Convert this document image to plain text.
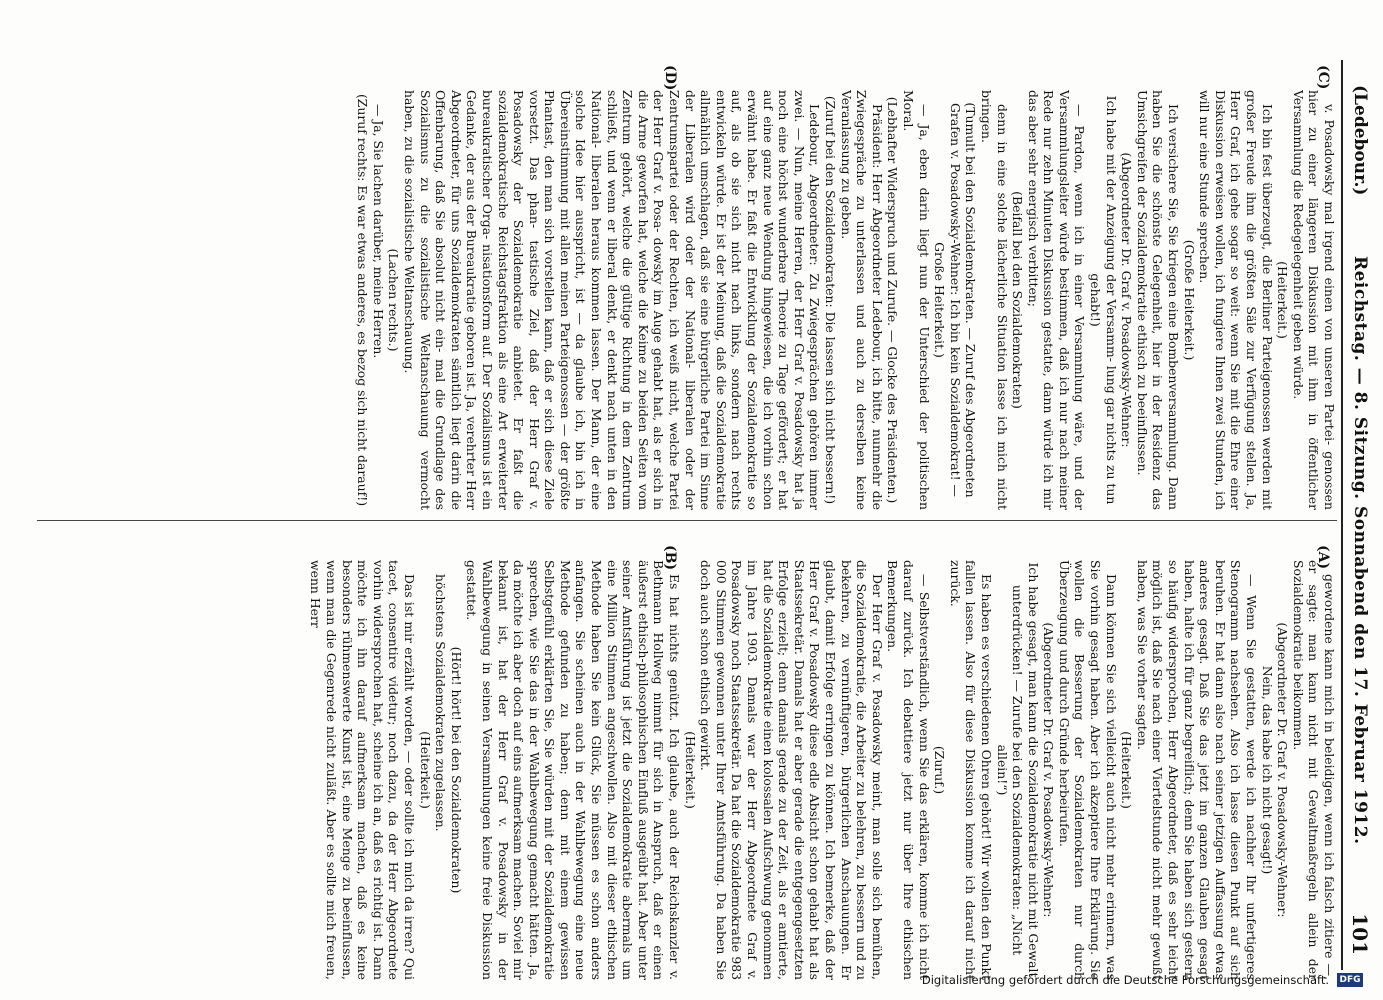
(Ledebour.)
Reichstag. — 8. Sitzung. Sonnabend den 17. Februar 1912.
101
(A)
(B)
(C)
(D)

gewordene kann mich in beleidigen, wenn ich falsch zitiere —, er sagte: man kann nicht mit Gewaltmaßregeln allein der Sozialdemokratie beikommen.

(Abgeordneter Dr. Graf v. Posadowsky-Wehner:

Nein, das habe ich nicht gesagt!)

— Wenn Sie gestatten, werde ich nachher Ihr unfertigeres Stenogramm nachsehen. Also ich lasse diesen Punkt auf sich beruhen. Er hat dann also nach seiner jetzigen Auffassung etwas anderes gesagt. Daß Sie das jetzt im ganzen Glauben gesagt haben, halte ich für ganz begreiflich; denn Sie haben sich gestern so häufig widersprochen, Herr Abgeordneter, daß es sehr leicht möglich ist, daß Sie nach einer Viertelstunde nicht mehr gewußt haben, was Sie vorher sagten.

(Heiterkeit.)

Dann können Sie sich vielleicht auch nicht mehr erinnern, was Sie vorhin gesagt haben. Aber ich akzeptiere Ihre Erklärung. Sie wollen die Besserung der Sozialdemokraten nur durch Überzeugung und durch Gründe herbeirufen.

(Abgeordneter Dr. Graf v. Posadowsky-Wehner:

Ich habe gesagt, man kann die Sozialdemokratie nicht mit Gewalt unterdrücken! — Zurufe bei den Sozialdemokraten: „Nicht allein!“)

Es haben es verschiedenen Ohren gehört! Wir wollen den Punkt fallen lassen. Also für diese Diskussion komme ich darauf nicht zurück.

(Zuruf.)

— Selbstverständlich, wenn Sie das erklären, komme ich nicht darauf zurück. Ich debattiere jetzt nur über Ihre ethischen Bemerkungen.

Der Herr Graf v. Posadowsky meint, man solle sich bemühen, die Sozialdemokratie, die Arbeiter zu belehren, zu bessern und zu bekehren, zu vernünftigeren, bürgerlichen Anschauungen. Er glaubt, damit Erfolge erringen zu können. Ich bemerke, daß der Herr Graf v. Posadowsky diese edle Absicht schon gehabt hat als Staatssekretär. Damals hat er aber gerade die entgegengesetzten Erfolge erzielt; denn damals gerade zu der Zeit, als er amtierte, hat die Sozialdemokratie einen kolossalen Aufschwung genommen im Jahre 1903. Damals war der Herr Abgeordnete Graf v. Posadowsky noch Staatssekretär. Da hat die Sozialdemokratie 983 000 Stimmen gewonnen unter Ihrer Amtsführung. Da haben Sie doch auch schon ethisch gewirkt.

(Heiterkeit.)

Es hat nichts genützt. Ich glaube, auch der Reichskanzler v. Bethmann Hollweg nimmt für sich in Anspruch, daß er einen äußerst ethisch-philosophischen Einfluß ausgeübt hat. Aber unter seiner Amtsführung ist jetzt die Sozialdemokratie abermals um eine Million Stimmen angeschwollen. Also mit dieser ethischen Methode haben Sie kein Glück, Sie müssen es schon anders anfangen. Sie scheinen auch in der Wahlbewegung eine neue Methode gefunden zu haben; denn mit einem gewissen Selbstgefühl erklärten Sie, Sie würden mit der Sozialdemokratie sprechen, wie Sie das in der Wahlbewegung gemacht hätten. Ja, da möchte ich aber doch auf eins aufmerksam machen. Soviel mir bekannt ist, hat der Herr Graf v. Posadowsky in der Wahlbewegung in seinen Versammlungen keine freie Diskussion gestattet.

(Hört! hört! bei den Sozialdemokraten)

höchstens Sozialdemokraten zugelassen.

(Heiterkeit.)

Das ist mir erzählt worden, — oder sollte ich mich da irren? Qui tacet, consentire videtur; noch dazu, da der Herr Abgeordnete vorhin widersprochen hat, scheine ich an, daß es richtig ist. Dann möchte ich ihn darauf aufmerksam machen, daß es keine besonders rühmenswerte Kunst ist, eine Menge zu beeinflussen, wenn man die Gegenrede nicht zuläßt. Aber es sollte mich freuen, wenn Herr

v. Posadowsky mal irgend einen von unseren Partei- genossen hier zu einer längeren Diskussion mit ihm in öffentlicher Versammlung die Redegelegenheit geben würde.

(Heiterkeit.)

Ich bin fest überzeugt, die Berliner Parteigenossen werden mit großer Freude ihm die größten Säle zur Verfügung stellen. Ja, Herr Graf, ich gehe sogar so weit: wenn Sie mit die Ehre einer Diskussion erweisen wollen, ich fungiere Ihnen zwei Stunden, ich will nur eine Stunde sprechen.

(Große Heiterkeit.)

Ich versichere Sie, Sie kriegen eine Bombenversammlung. Dann haben Sie die schönste Gelegenheit, hier in der Residenz das Umsichgreifen der Sozialdemokratie ethisch zu beeinflussen.

(Abgeordneter Dr. Graf v. Posadowsky-Wehner:

Ich habe mit der Anzeigung der Versamm- lung gar nichts zu tun gehabt!)

— Pardon, wenn ich in einer Versammlung wäre, und der Versammlungsleiter würde bestimmen, daß ich nur nach meiner Rede nur zehn Minuten Diskussion gestatte, dann würde ich mir das aber sehr energisch verbitten;

(Beifall bei den Sozialdemokraten)

denn in eine solche lächerliche Situation lasse ich mich nicht bringen.

(Tumult bei den Sozialdemokraten. — Zuruf des Abgeordneten Grafen v. Posadowsky-Wehner: Ich bin kein Sozialdemokrat! — Große Heiterkeit.)

— Ja, eben darin liegt nun der Unterschied der politischen Moral.

(Lebhafter Widerspruch und Zurufe. — Glocke des Präsidenten.)

Präsident: Herr Abgeordneter Ledebour, ich bitte, nunmehr die Zwiegespräche zu unterlassen und auch zu derselben keine Veranlassung zu geben.

(Zuruf bei den Sozialdemokraten: Die lassen sich nicht bessern!)

Ledebour, Abgeordneter: Zu Zwiegesprächen gehören immer zwei. — Nun, meine Herren, der Herr Graf v. Posadowsky hat ja noch eine höchst wunderbare Theorie zu Tage gefördert; er hat auf eine ganz neue Wendung hingewiesen, die ich vorhin schon erwähnt habe. Er faßt die Entwicklung der Sozialdemokratie so auf, als ob sie sich nicht nach links, sondern nach rechts entwickeln würde. Er ist der Meinung, daß die Sozialdemokratie allmählich umschlagen, daß sie eine bürgerliche Partei im Sinne der Liberalen wird oder der National- liberalen oder der Zentrumspartei oder der Rechten, ich weiß nicht, welche Partei der Herr Graf v. Posa- dowsky im Auge gehabt hat, als er sich in die Arme geworfen hat, welche die Keime zu beiden Seiten vom Zentrum gehört, welche die gültige Richtung in dem Zentrum schließt, und wenn er liberal denkt, er denkt nach unten in den National- liberalen heraus kommen lassen. Der Mann, der eine solche Idee hier ausspricht, ist — da glaube ich, bin ich in Übereinstimmung mit allen meinen Parteigenossen — der größte Phantast, den man sich vorstellen kann, daß er sich diese Ziele vorsetzt. Das phan- tastische Ziel, daß der Herr Graf v. Posadowsky der Sozialdemokratie anbietet. Er faßt die sozialdemokratische Reichstagsfraktion als eine Art erweiterter bureaukratischer Orga- nisationsform auf. Der Sozialismus ist ein Gedanke, der aus der Bureaukratie geboren ist. Ja, verehrter Herr Abgeordneter, für uns Sozialdemokraten sämtlich liegt darin die Offenbarung, daß Sie absolut nicht ein- mal die Grundlage des Sozialismus zu die sozialistische Weltanschauung vermocht haben, zu die sozialistische Weltanschauung.

(Lachen rechts.)

— Ja, Sie lachen darüber, meine Herren.

(Zuruf rechts: Es war etwas anderes, es bezog sich nicht darauf!)

Digitalisierung gefördert durch die Deutsche Forschungsgemeinschaft. DFG
